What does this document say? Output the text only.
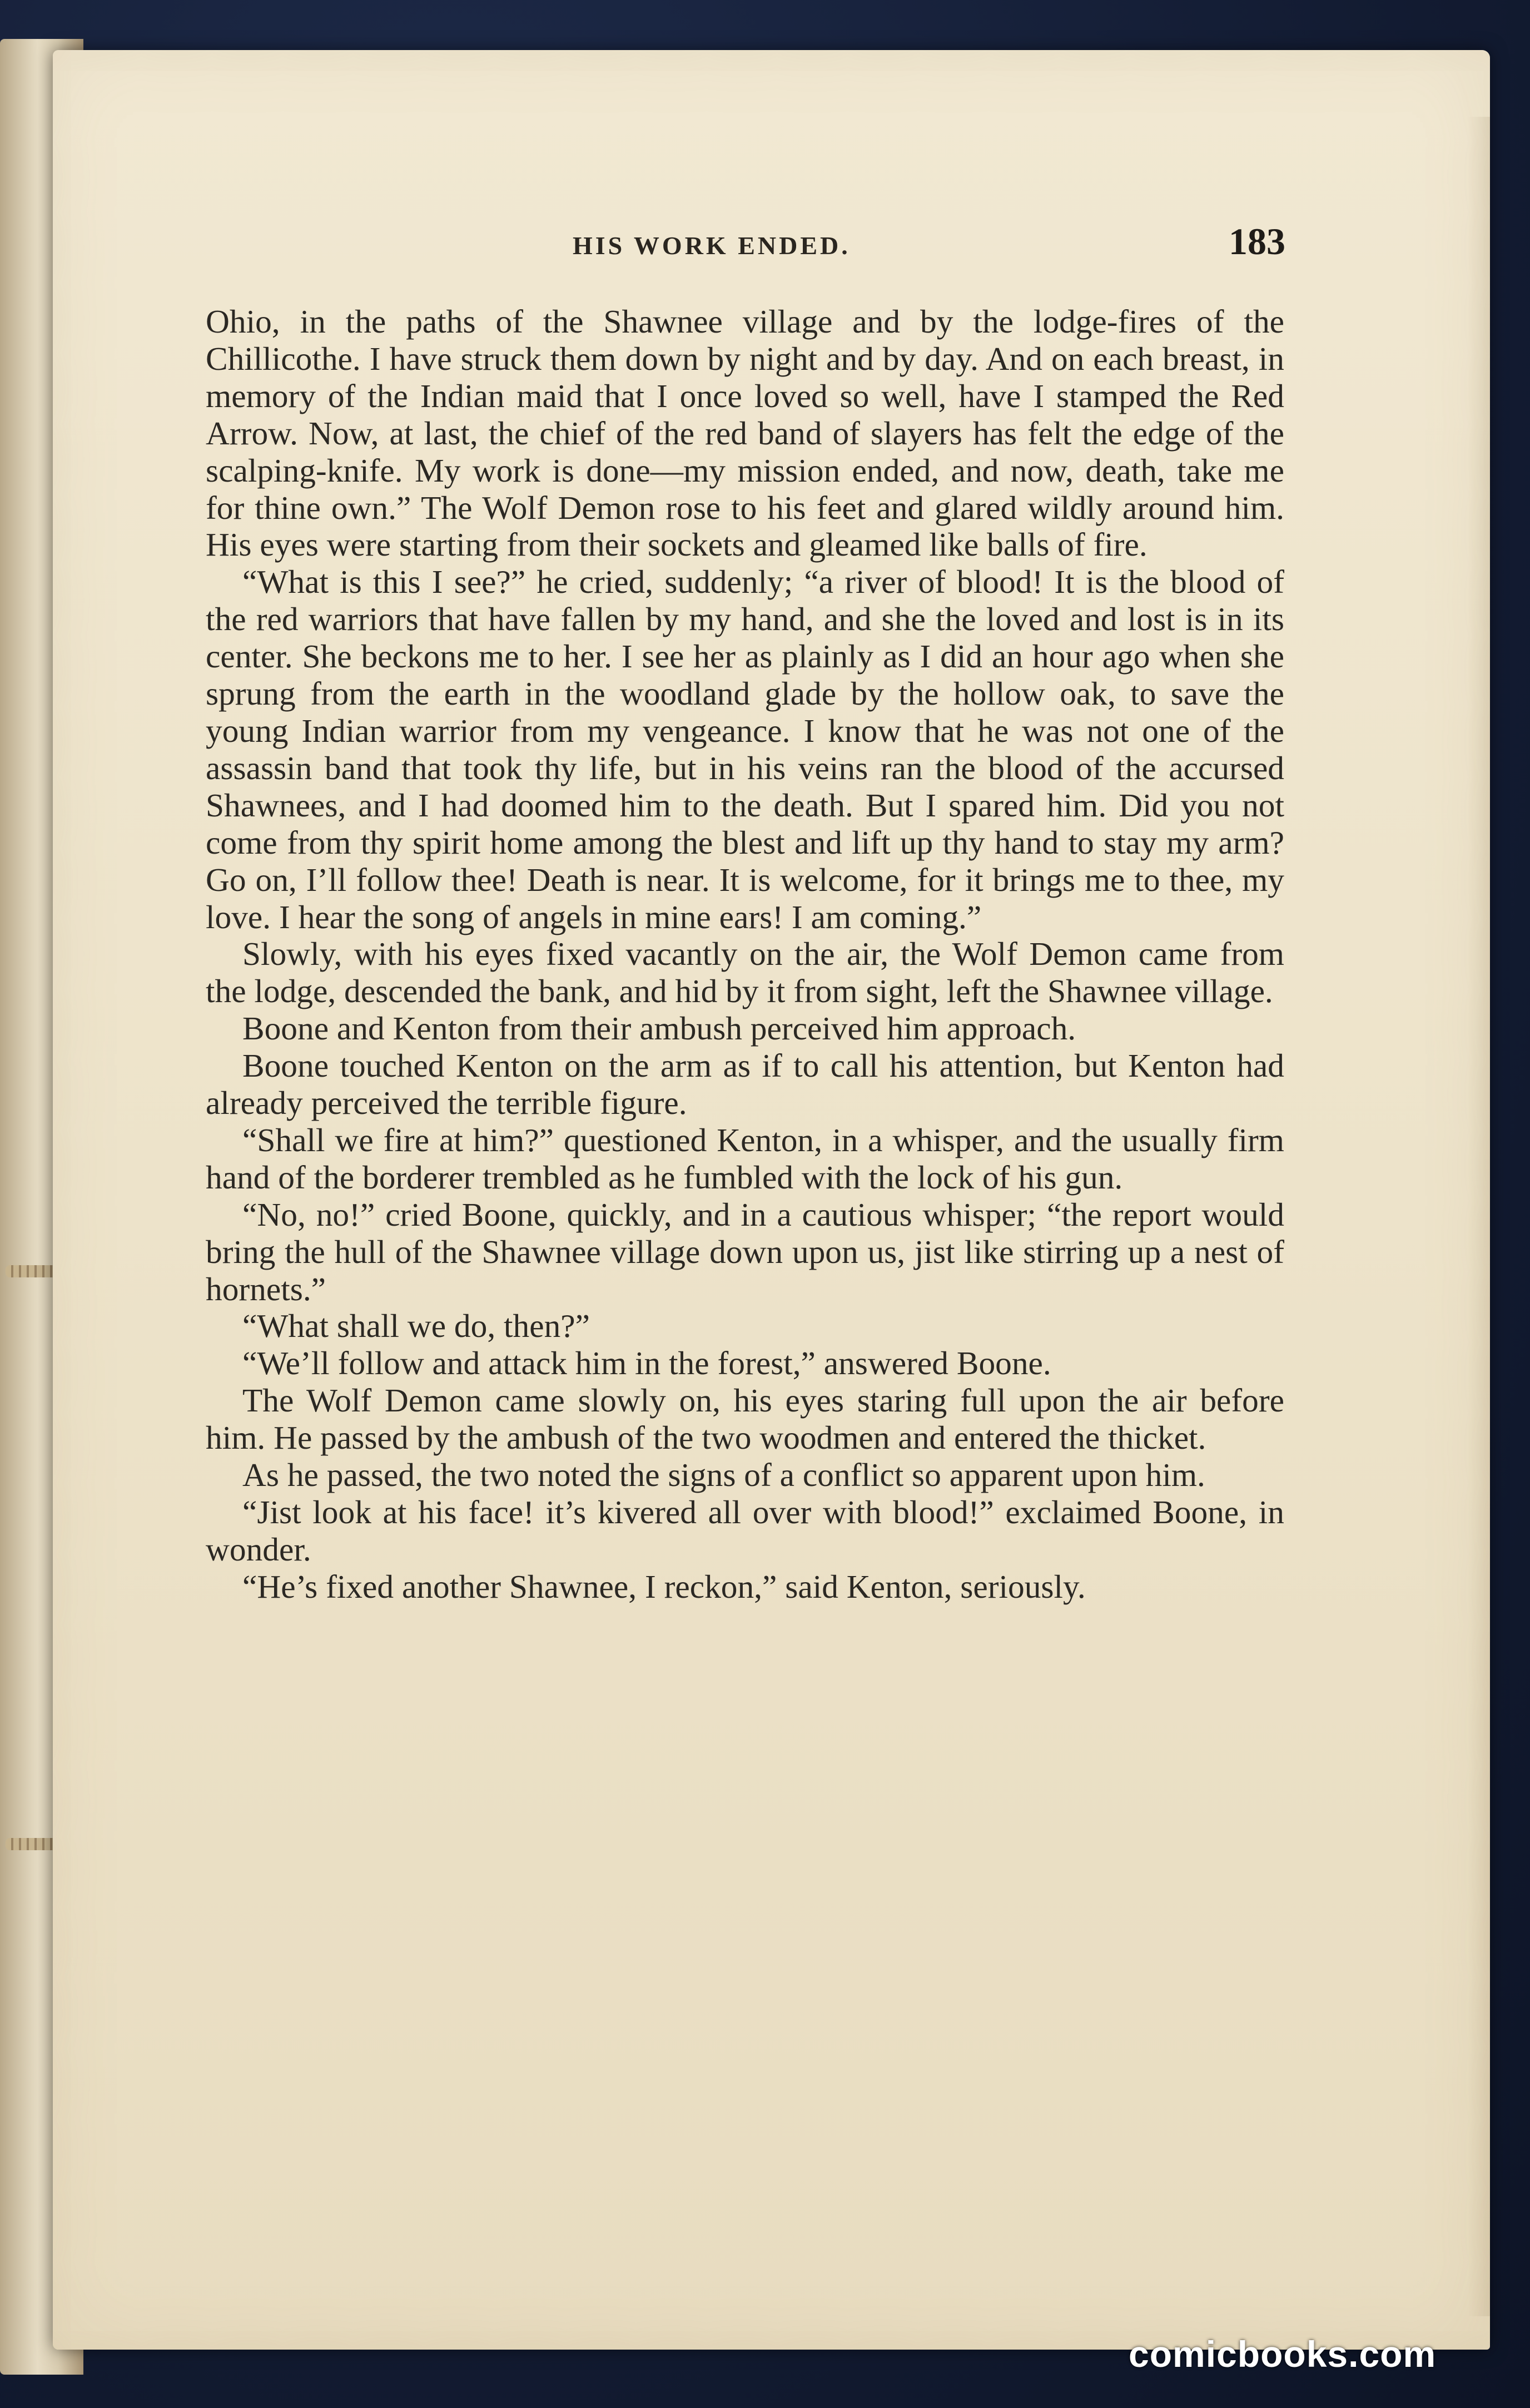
HIS WORK ENDED.	183

Ohio, in the paths of the Shawnee village and by the lodge-fires of the Chillicothe. I have struck them down by night and by day. And on each breast, in memory of the Indian maid that I once loved so well, have I stamped the Red Arrow. Now, at last, the chief of the red band of slayers has felt the edge of the scalping-knife. My work is done—my mission ended, and now, death, take me for thine own.” The Wolf Demon rose to his feet and glared wildly around him. His eyes were starting from their sockets and gleamed like balls of fire.

“What is this I see?” he cried, suddenly; “a river of blood! It is the blood of the red warriors that have fallen by my hand, and she the loved and lost is in its center. She beckons me to her. I see her as plainly as I did an hour ago when she sprung from the earth in the woodland glade by the hollow oak, to save the young Indian warrior from my vengeance. I know that he was not one of the assassin band that took thy life, but in his veins ran the blood of the accursed Shawnees, and I had doomed him to the death. But I spared him. Did you not come from thy spirit home among the blest and lift up thy hand to stay my arm? Go on, I’ll follow thee! Death is near. It is welcome, for it brings me to thee, my love. I hear the song of angels in mine ears! I am coming.”

Slowly, with his eyes fixed vacantly on the air, the Wolf Demon came from the lodge, descended the bank, and hid by it from sight, left the Shawnee village.

Boone and Kenton from their ambush perceived him approach.

Boone touched Kenton on the arm as if to call his attention, but Kenton had already perceived the terrible figure.

“Shall we fire at him?” questioned Kenton, in a whisper, and the usually firm hand of the borderer trembled as he fumbled with the lock of his gun.

“No, no!” cried Boone, quickly, and in a cautious whisper; “the report would bring the hull of the Shawnee village down upon us, jist like stirring up a nest of hornets.”

“What shall we do, then?”

“We’ll follow and attack him in the forest,” answered Boone.

The Wolf Demon came slowly on, his eyes staring full upon the air before him. He passed by the ambush of the two woodmen and entered the thicket.

As he passed, the two noted the signs of a conflict so apparent upon him.

“Jist look at his face! it’s kivered all over with blood!” exclaimed Boone, in wonder.

“He’s fixed another Shawnee, I reckon,” said Kenton, seriously.

comicbooks.com
